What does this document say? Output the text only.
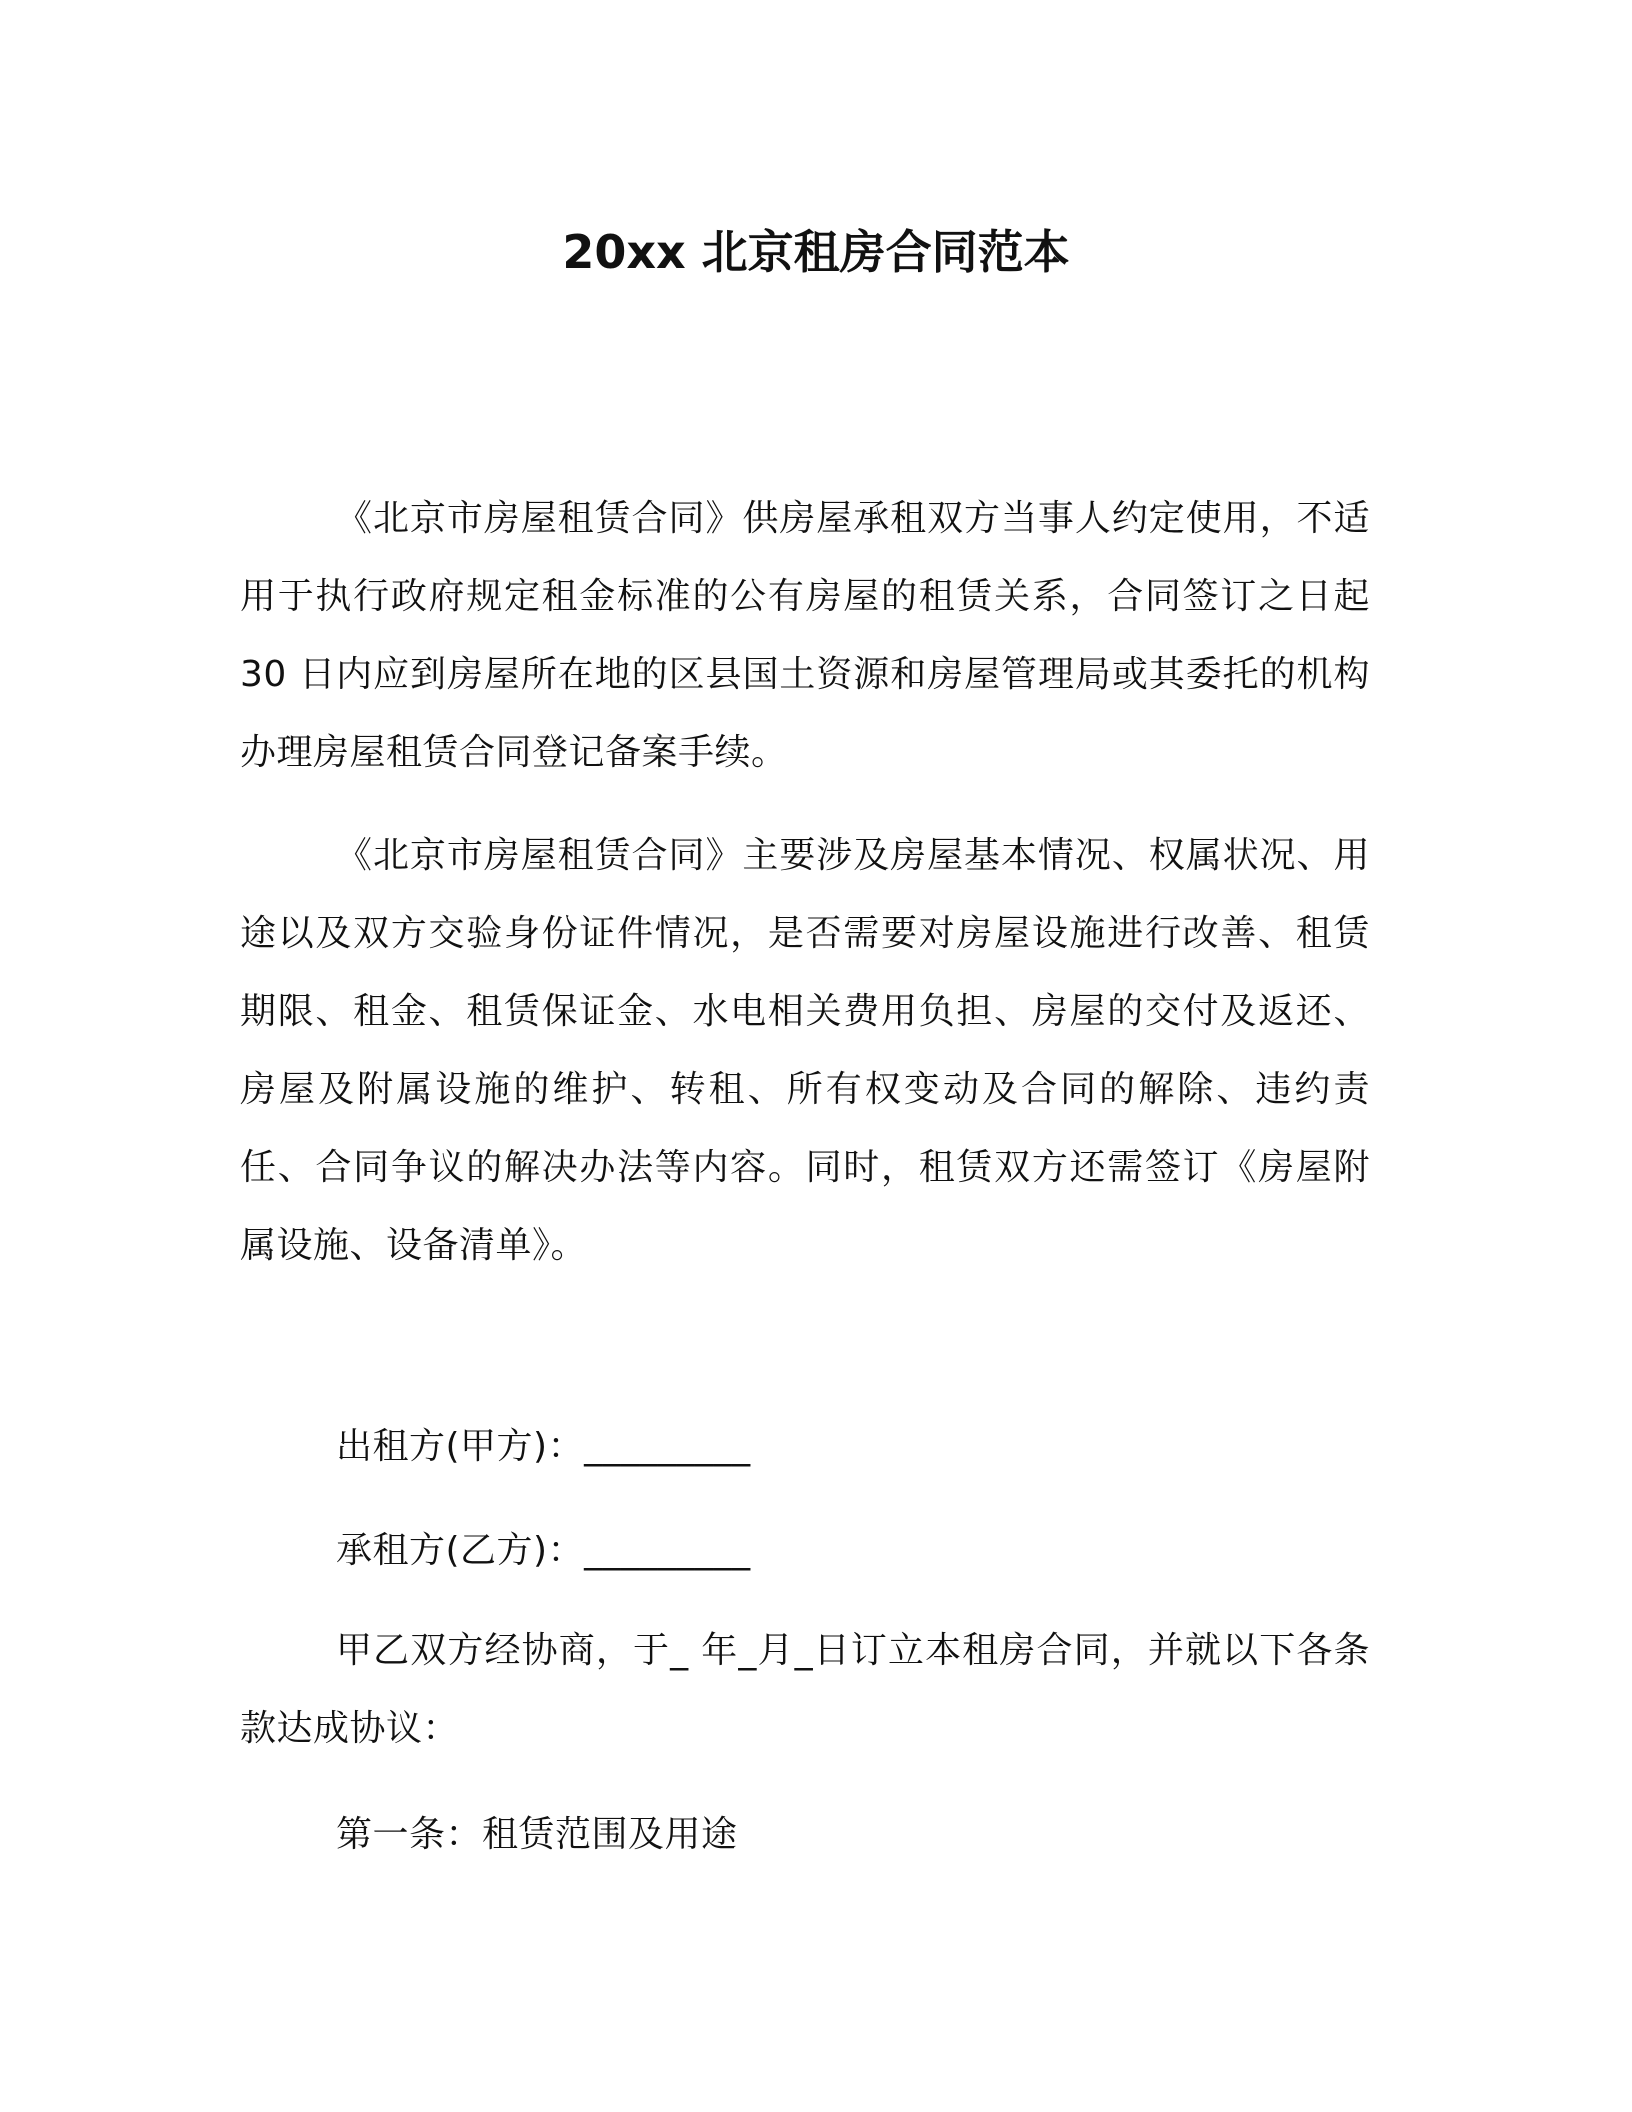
20xx 北京租房合同范本

《北京市房屋租赁合同》供房屋承租双方当事人约定使用，不适用于执行政府规定租金标准的公有房屋的租赁关系，合同签订之日起 30 日内应到房屋所在地的区县国土资源和房屋管理局或其委托的机构办理房屋租赁合同登记备案手续。

《北京市房屋租赁合同》主要涉及房屋基本情况、权属状况、用途以及双方交验身份证件情况，是否需要对房屋设施进行改善、租赁期限、租金、租赁保证金、水电相关费用负担、房屋的交付及返还、房屋及附属设施的维护、转租、所有权变动及合同的解除、违约责任、合同争议的解决办法等内容。同时，租赁双方还需签订《房屋附属设施、设备清单》。

出租方(甲方)：_________

承租方(乙方)：_________

甲乙双方经协商，于_ 年_月_日订立本租房合同，并就以下各条款达成协议：

第一条：租赁范围及用途
